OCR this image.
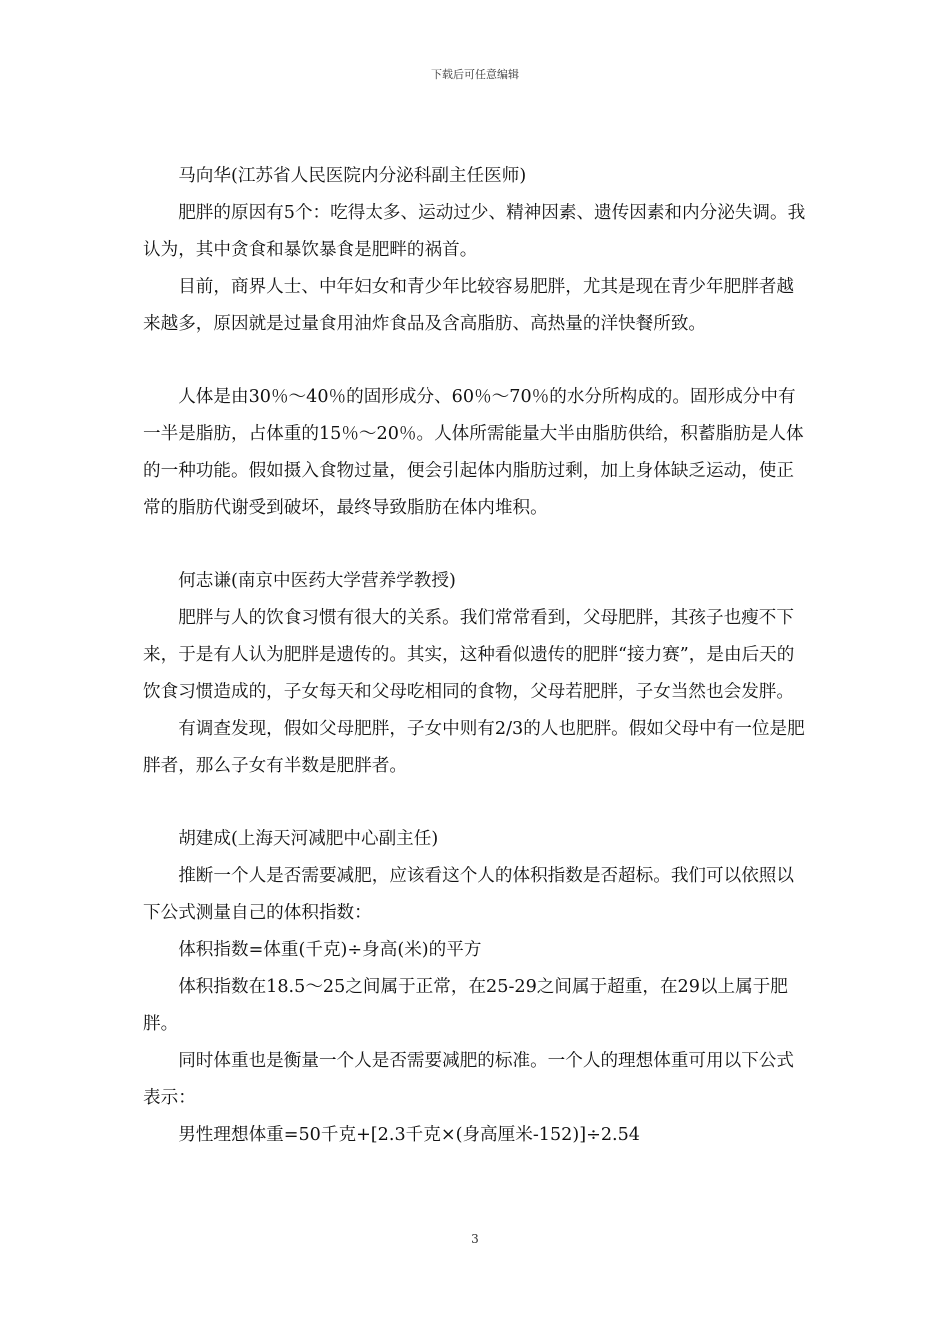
下载后可任意编辑

马向华(江苏省人民医院内分泌科副主任医师)

肥胖的原因有5个：吃得太多、运动过少、精神因素、遗传因素和内分泌失调。我认为，其中贪食和暴饮暴食是肥畔的祸首。

目前，商界人士、中年妇女和青少年比较容易肥胖，尤其是现在青少年肥胖者越来越多，原因就是过量食用油炸食品及含高脂肪、高热量的洋快餐所致。

人体是由30％～40％的固形成分、60％～70％的水分所构成的。固形成分中有一半是脂肪，占体重的15％～20％。人体所需能量大半由脂肪供给，积蓄脂肪是人体的一种功能。假如摄入食物过量，便会引起体内脂肪过剩，加上身体缺乏运动，使正常的脂肪代谢受到破坏，最终导致脂肪在体内堆积。

何志谦(南京中医药大学营养学教授)

肥胖与人的饮食习惯有很大的关系。我们常常看到，父母肥胖，其孩子也瘦不下来，于是有人认为肥胖是遗传的。其实，这种看似遗传的肥胖“接力赛”，是由后天的饮食习惯造成的，子女每天和父母吃相同的食物，父母若肥胖，子女当然也会发胖。

有调查发现，假如父母肥胖，子女中则有2/3的人也肥胖。假如父母中有一位是肥胖者，那么子女有半数是肥胖者。

胡建成(上海天河减肥中心副主任)

推断一个人是否需要减肥，应该看这个人的体积指数是否超标。我们可以依照以下公式测量自己的体积指数：

体积指数=体重(千克)÷身高(米)的平方

体积指数在18.5～25之间属于正常，在25-29之间属于超重，在29以上属于肥胖。

同时体重也是衡量一个人是否需要减肥的标准。一个人的理想体重可用以下公式表示：

男性理想体重=50千克+[2.3千克×(身高厘米-152)]÷2.54

3
